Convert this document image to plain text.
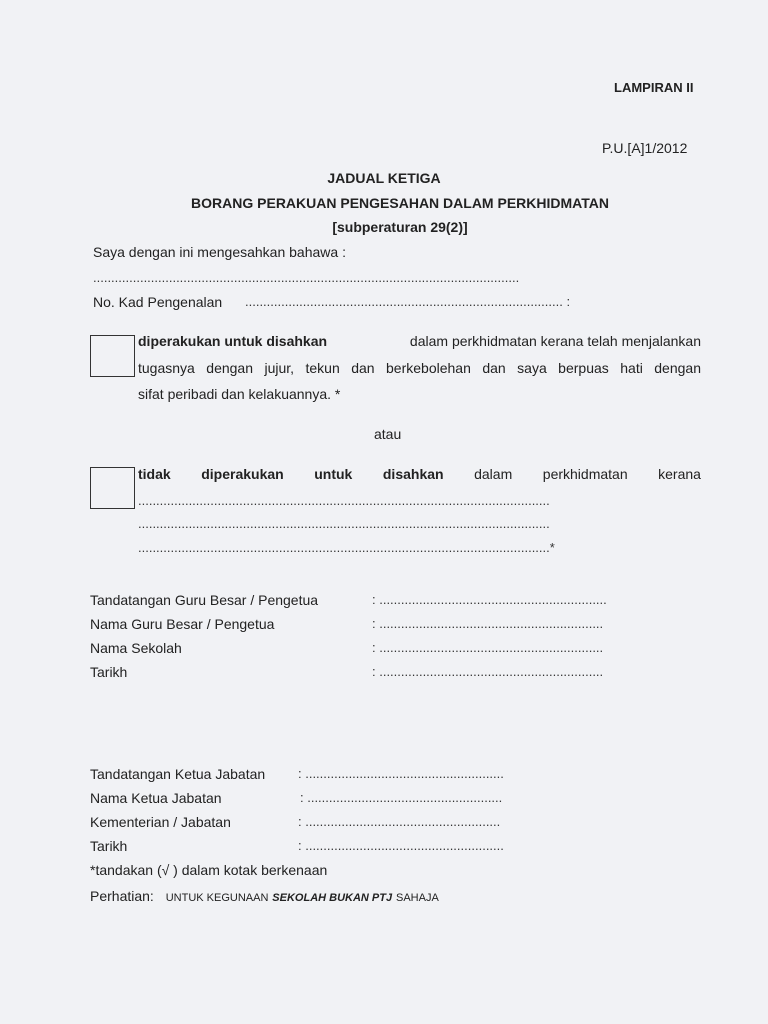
LAMPIRAN II
P.U.[A]1/2012
JADUAL KETIGA
BORANG PERAKUAN PENGESAHAN DALAM PERKHIDMATAN
[subperaturan 29(2)]
Saya dengan ini mengesahkan bahawa :
......................................................................................................................
No. Kad Pengenalan ........................................................................................ :
diperakukan untuk disahkan	dalam perkhidmatan kerana telah menjalankan
tugasnya dengan jujur, tekun dan berkebolehan dan saya berpuas hati dengan
sifat peribadi dan kelakuannya. *
atau
tidak diperakukan untuk disahkan dalam perkhidmatan kerana
..................................................................................................................
..................................................................................................................
..................................................................................................................*
Tandatangan Guru Besar / Pengetua	: ...............................................................
Nama Guru Besar / Pengetua	: ..............................................................
Nama Sekolah	: ..............................................................
Tarikh	: ..............................................................
Tandatangan Ketua Jabatan	: .......................................................
Nama Ketua Jabatan	: ......................................................
Kementerian / Jabatan	: ......................................................
Tarikh	: .......................................................
*tandakan (√ ) dalam kotak berkenaan
Perhatian: UNTUK KEGUNAAN SEKOLAH BUKAN PTJ SAHAJA
